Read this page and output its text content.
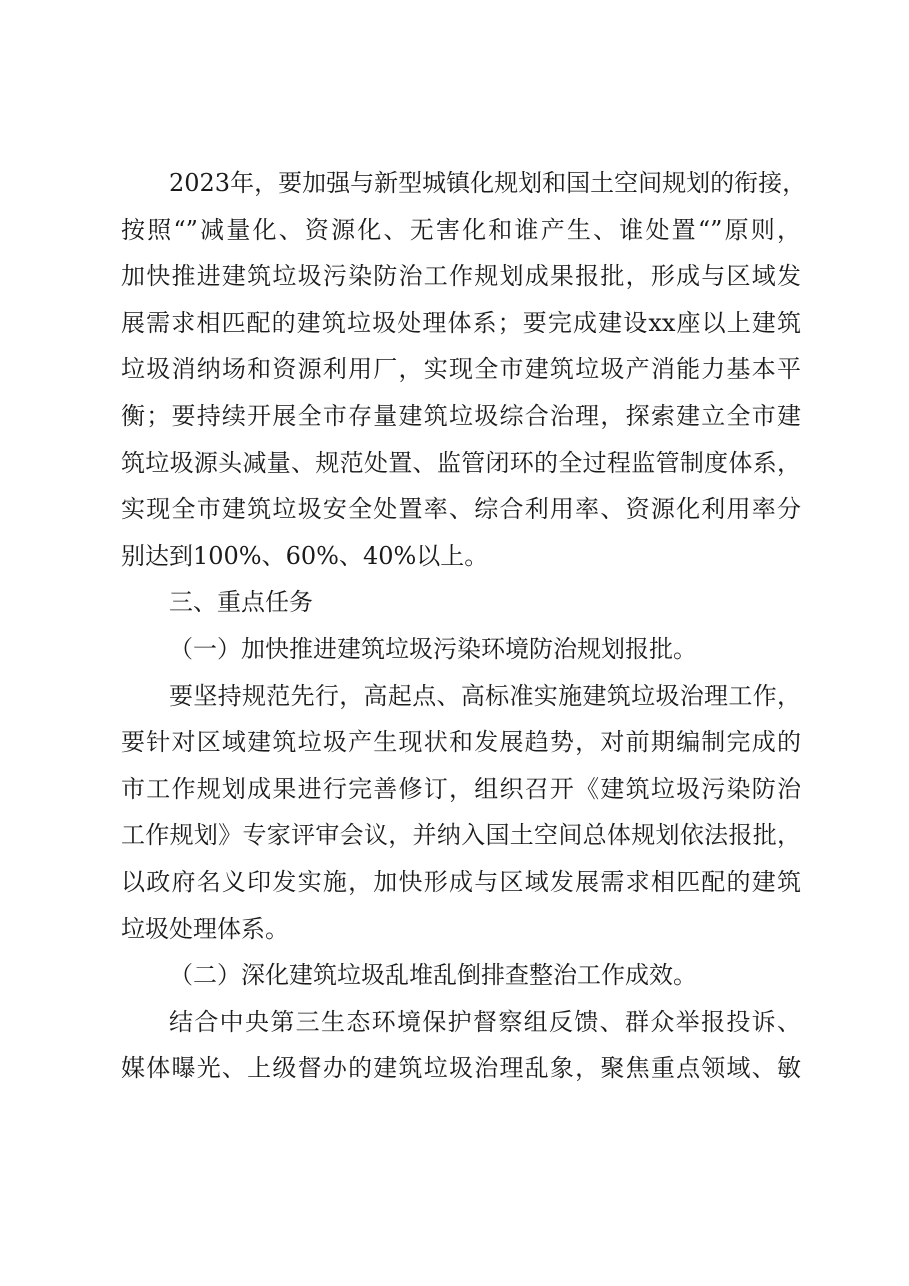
2023年，要加强与新型城镇化规划和国土空间规划的衔接，
按照“”减量化、资源化、无害化和谁产生、谁处置“”原则，
加快推进建筑垃圾污染防治工作规划成果报批，形成与区域发
展需求相匹配的建筑垃圾处理体系；要完成建设xx座以上建筑
垃圾消纳场和资源利用厂，实现全市建筑垃圾产消能力基本平
衡；要持续开展全市存量建筑垃圾综合治理，探索建立全市建
筑垃圾源头减量、规范处置、监管闭环的全过程监管制度体系，
实现全市建筑垃圾安全处置率、综合利用率、资源化利用率分
别达到100%、60%、40%以上。
三、重点任务
（一）加快推进建筑垃圾污染环境防治规划报批。
要坚持规范先行，高起点、高标准实施建筑垃圾治理工作，
要针对区域建筑垃圾产生现状和发展趋势，对前期编制完成的
市工作规划成果进行完善修订，组织召开《建筑垃圾污染防治
工作规划》专家评审会议，并纳入国土空间总体规划依法报批，
以政府名义印发实施，加快形成与区域发展需求相匹配的建筑
垃圾处理体系。
（二）深化建筑垃圾乱堆乱倒排查整治工作成效。
结合中央第三生态环境保护督察组反馈、群众举报投诉、
媒体曝光、上级督办的建筑垃圾治理乱象，聚焦重点领域、敏
